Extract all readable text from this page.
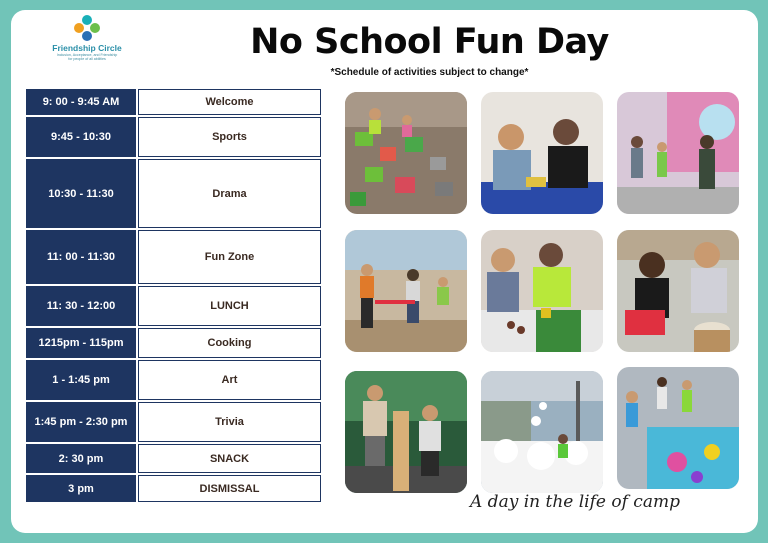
Friendship Circle
Inclusion, Acceptance, and Friendship
for people of all abilities	No School Fun Day
*Schedule of activities subject to change*
9: 00 - 9:45 AM	Welcome
9:45 - 10:30	Sports
10:30 - 11:30	Drama
11: 00 - 11:30	Fun Zone
11: 30 - 12:00	LUNCH
1215pm - 115pm	Cooking
1 - 1:45 pm	Art
1:45 pm - 2:30 pm	Trivia
2: 30 pm	SNACK
3 pm	DISMISSAL
A day in the life of camp
